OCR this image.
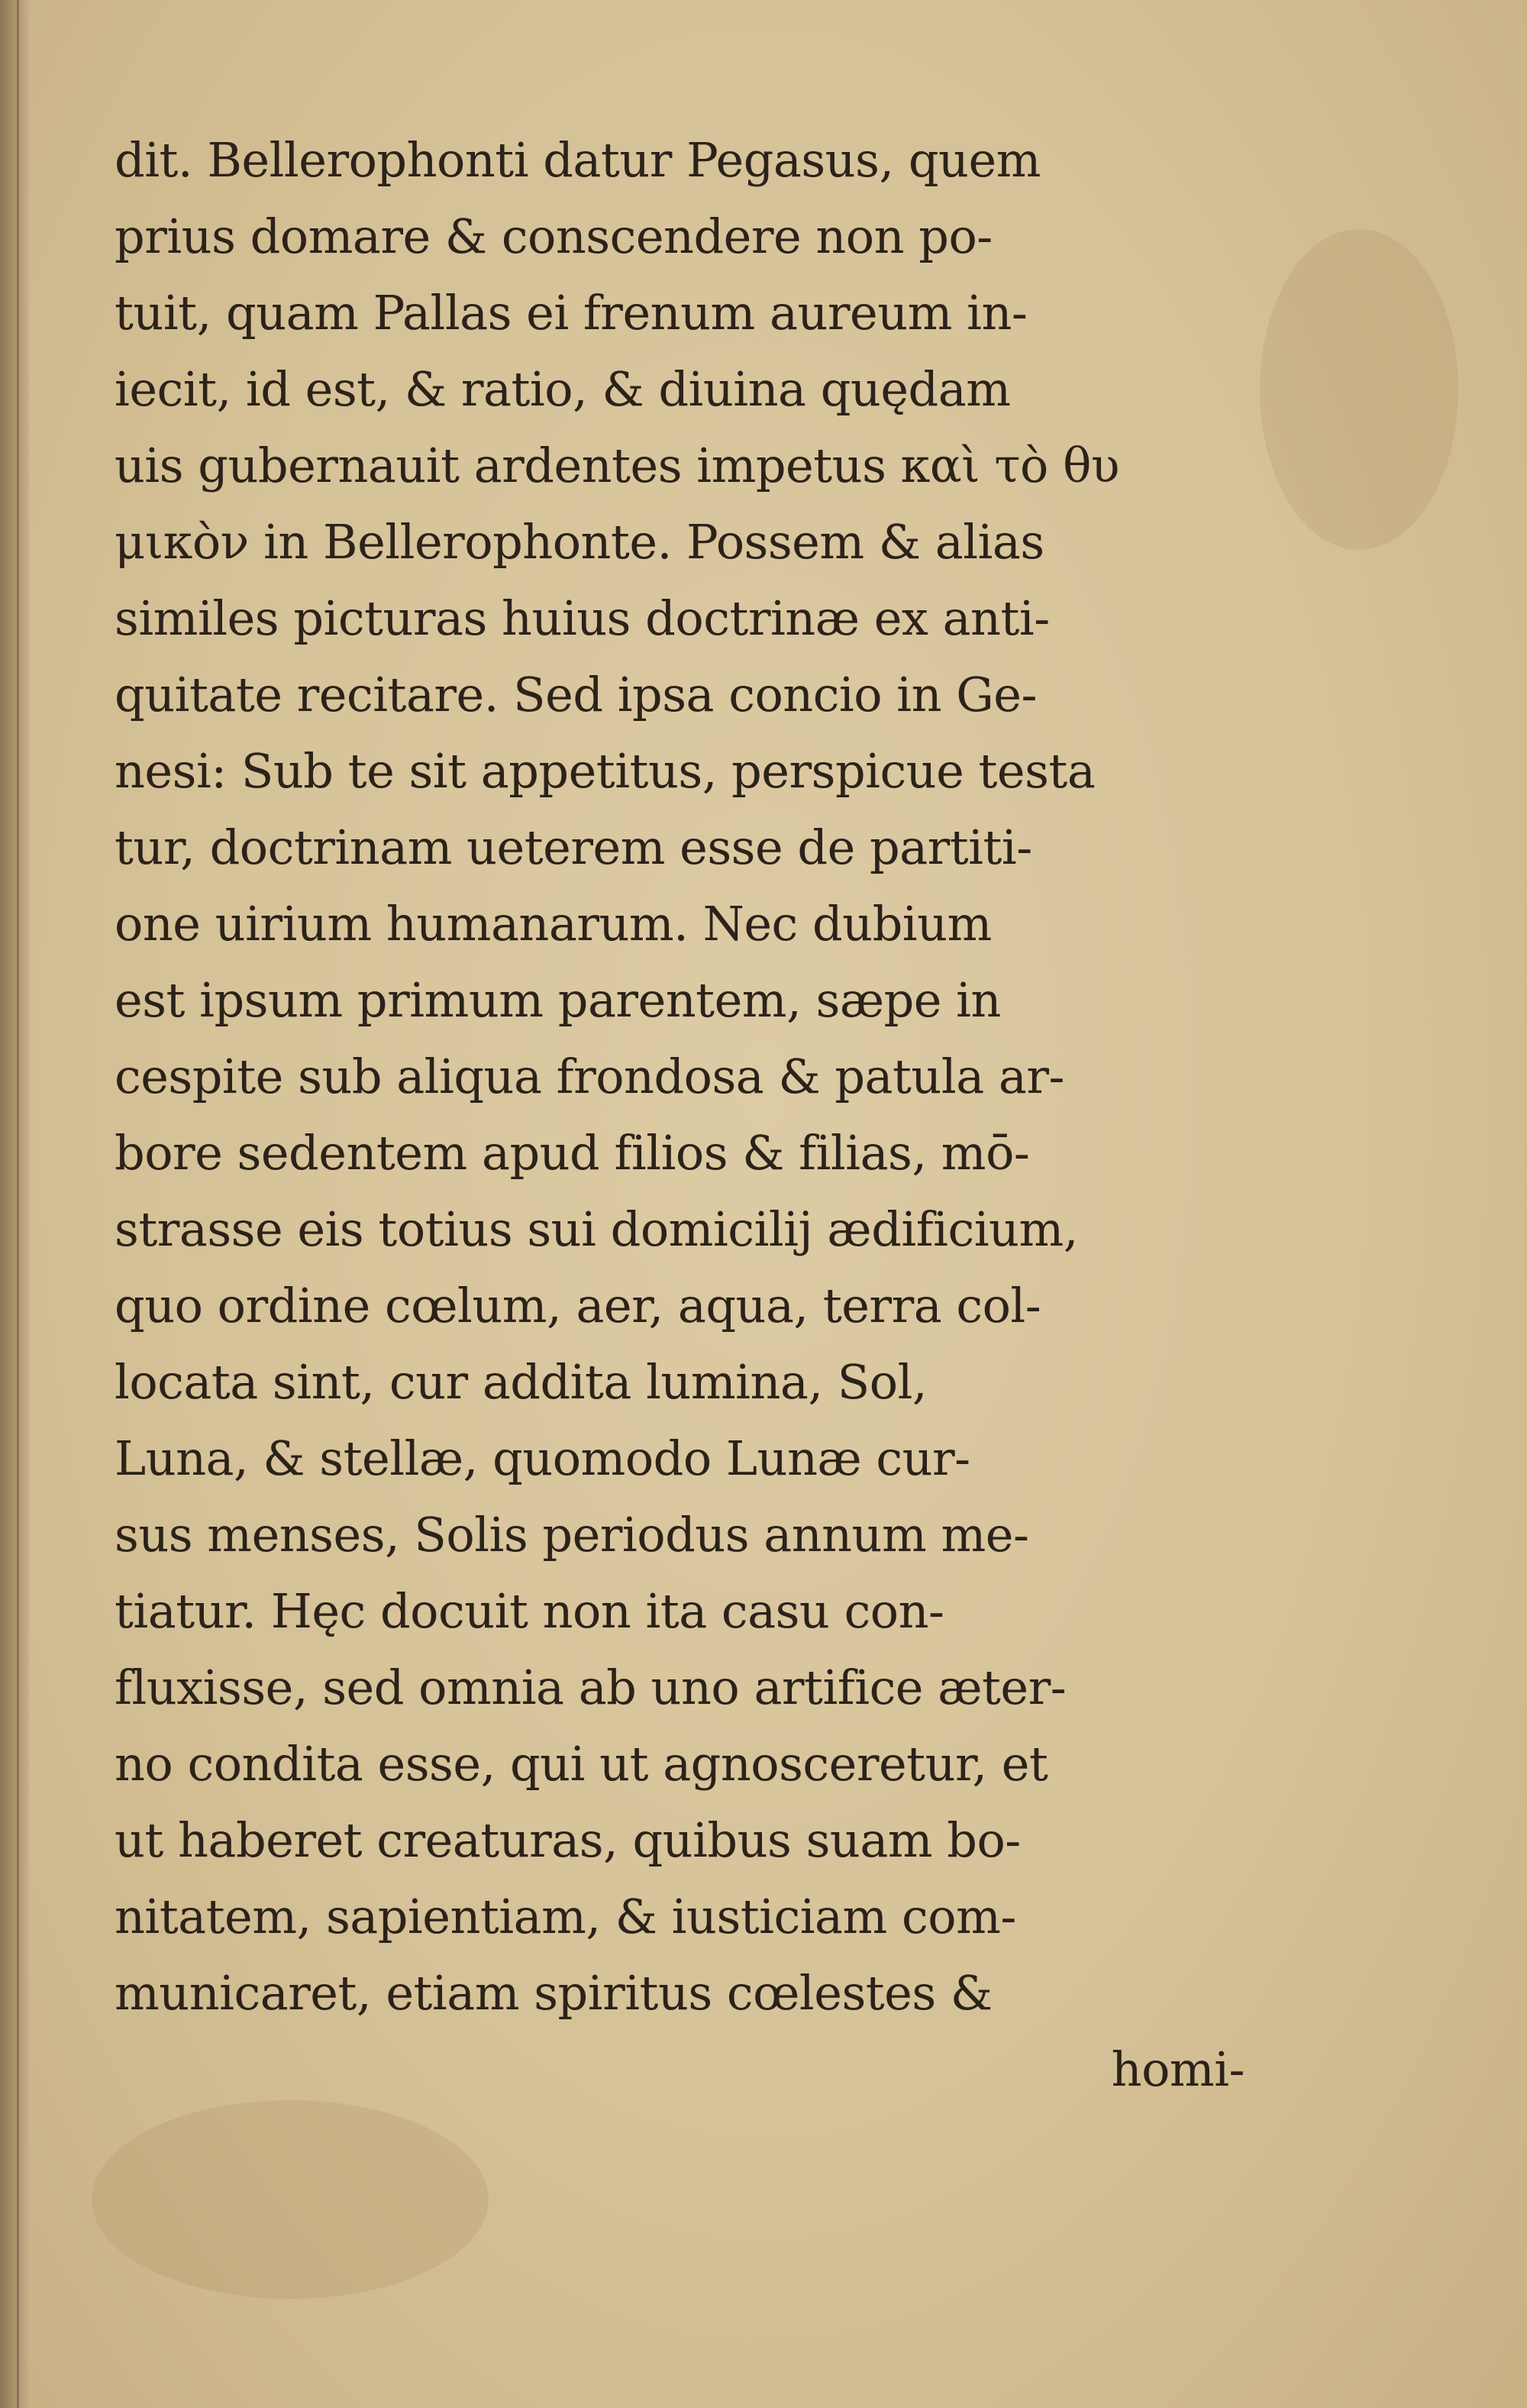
dit. Bellerophonti datur Pegasus, quem
prius domare & conscendere non po-
tuit, quam Pallas ei frenum aureum in-
iecit, id est, & ratio, & diuina quędam
uis gubernauit ardentes impetus καὶ τὸ θυ
μικὸν in Bellerophonte. Possem & alias
similes picturas huius doctrinæ ex anti-
quitate recitare. Sed ipsa concio in Ge-
nesi: Sub te sit appetitus, perspicue testa
tur, doctrinam ueterem esse de partiti-
one uirium humanarum. Nec dubium
est ipsum primum parentem, sæpe in
cespite sub aliqua frondosa & patula ar-
bore sedentem apud filios & filias, mō-
strasse eis totius sui domicilij ædificium,
quo ordine cœlum, aer, aqua, terra col-
locata sint, cur addita lumina, Sol,
Luna, & stellæ, quomodo Lunæ cur-
sus menses, Solis periodus annum me-
tiatur. Hęc docuit non ita casu con-
fluxisse, sed omnia ab uno artifice æter-
no condita esse, qui ut agnosceretur, et
ut haberet creaturas, quibus suam bo-
nitatem, sapientiam, & iusticiam com-
municaret, etiam spiritus cœlestes &
homi-
